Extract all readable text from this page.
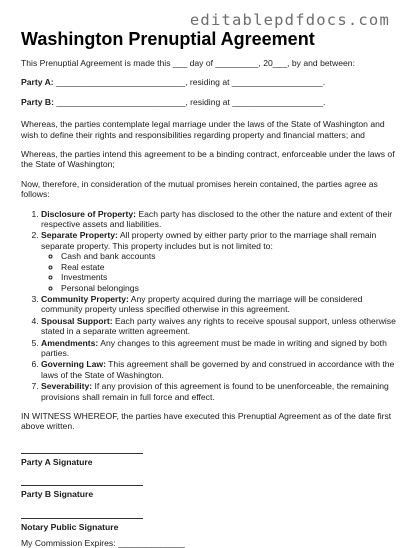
editablepdfdocs.com
Washington Prenuptial Agreement

This Prenuptial Agreement is made this ___ day of _________, 20___, by and between:

Party A: ___________________________, residing at ___________________.

Party B: ___________________________, residing at ___________________.

Whereas, the parties contemplate legal marriage under the laws of the State of Washington and wish to define their rights and responsibilities regarding property and financial matters; and

Whereas, the parties intend this agreement to be a binding contract, enforceable under the laws of the State of Washington;

Now, therefore, in consideration of the mutual promises herein contained, the parties agree as follows:

1. Disclosure of Property: Each party has disclosed to the other the nature and extent of their respective assets and liabilities.
2. Separate Property: All property owned by either party prior to the marriage shall remain separate property. This property includes but is not limited to:
◦ Cash and bank accounts
◦ Real estate
◦ Investments
◦ Personal belongings
3. Community Property: Any property acquired during the marriage will be considered community property unless specified otherwise in this agreement.
4. Spousal Support: Each party waives any rights to receive spousal support, unless otherwise stated in a separate written agreement.
5. Amendments: Any changes to this agreement must be made in writing and signed by both parties.
6. Governing Law: This agreement shall be governed by and construed in accordance with the laws of the State of Washington.
7. Severability: If any provision of this agreement is found to be unenforceable, the remaining provisions shall remain in full force and effect.

IN WITNESS WHEREOF, the parties have executed this Prenuptial Agreement as of the date first above written.

Party A Signature
Party B Signature
Notary Public Signature
My Commission Expires: ______________
